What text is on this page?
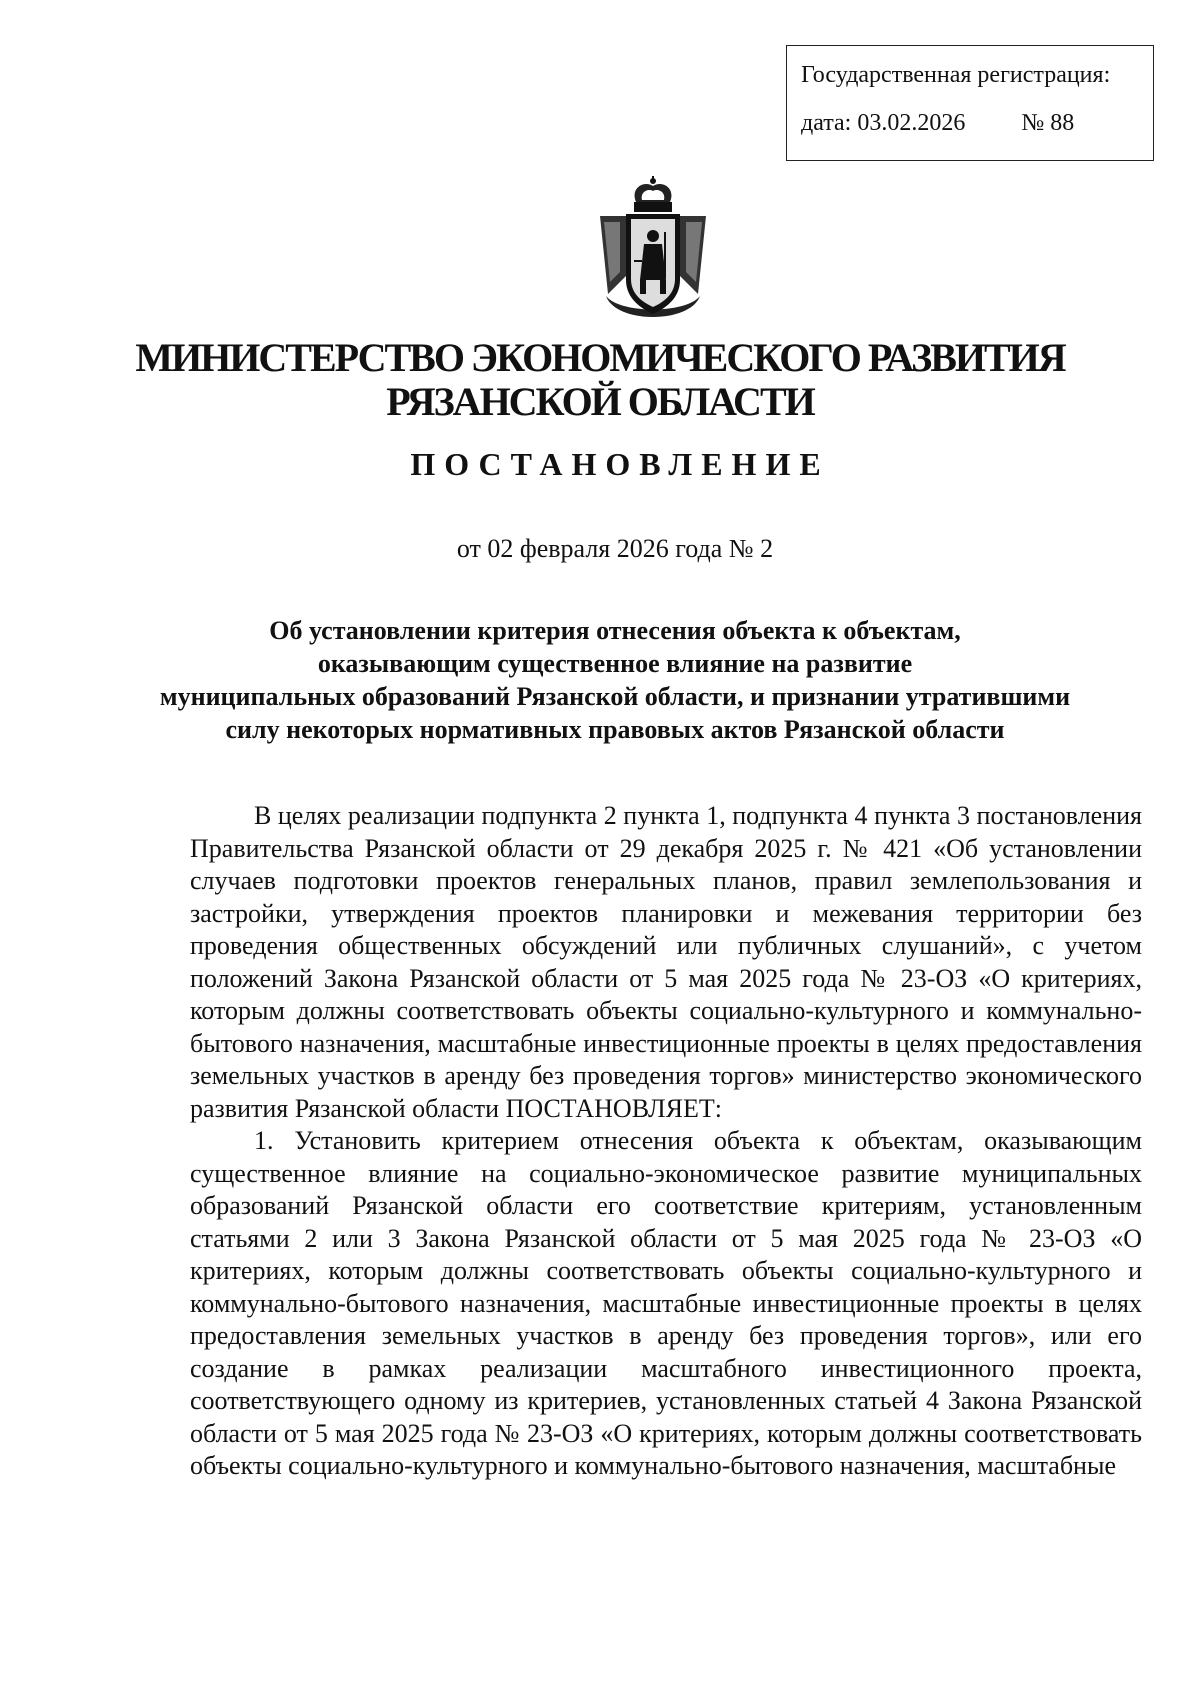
Государственная регистрация:
дата: 03.02.2026 № 88
МИНИСТЕРСТВО ЭКОНОМИЧЕСКОГО РАЗВИТИЯ
РЯЗАНСКОЙ ОБЛАСТИ
ПОСТАНОВЛЕНИЕ
от 02 февраля 2026 года № 2
Об установлении критерия отнесения объекта к объектам,
оказывающим существенное влияние на развитие
муниципальных образований Рязанской области, и признании утратившими
силу некоторых нормативных правовых актов Рязанской области

В целях реализации подпункта 2 пункта 1, подпункта 4 пункта 3 постановления Правительства Рязанской области от 29 декабря 2025 г. № 421 «Об установлении случаев подготовки проектов генеральных планов, правил землепользования и застройки, утверждения проектов планировки и межевания территории без проведения общественных обсуждений или публичных слушаний», с учетом положений Закона Рязанской области от 5 мая 2025 года № 23-ОЗ «О критериях, которым должны соответствовать объекты социально-культурного и коммунально-бытового назначения, масштабные инвестиционные проекты в целях предоставления земельных участков в аренду без проведения торгов» министерство экономического развития Рязанской области ПОСТАНОВЛЯЕТ:

1. Установить критерием отнесения объекта к объектам, оказывающим существенное влияние на социально-экономическое развитие муниципальных образований Рязанской области его соответствие критериям, установленным статьями 2 или 3 Закона Рязанской области от 5 мая 2025 года № 23-ОЗ «О критериях, которым должны соответствовать объекты социально-культурного и коммунально-бытового назначения, масштабные инвестиционные проекты в целях предоставления земельных участков в аренду без проведения торгов», или его создание в рамках реализации масштабного инвестиционного проекта, соответствующего одному из критериев, установленных статьей 4 Закона Рязанской области от 5 мая 2025 года № 23-ОЗ «О критериях, которым должны соответствовать объекты социально-культурного и коммунально-бытового назначения, масштабные
